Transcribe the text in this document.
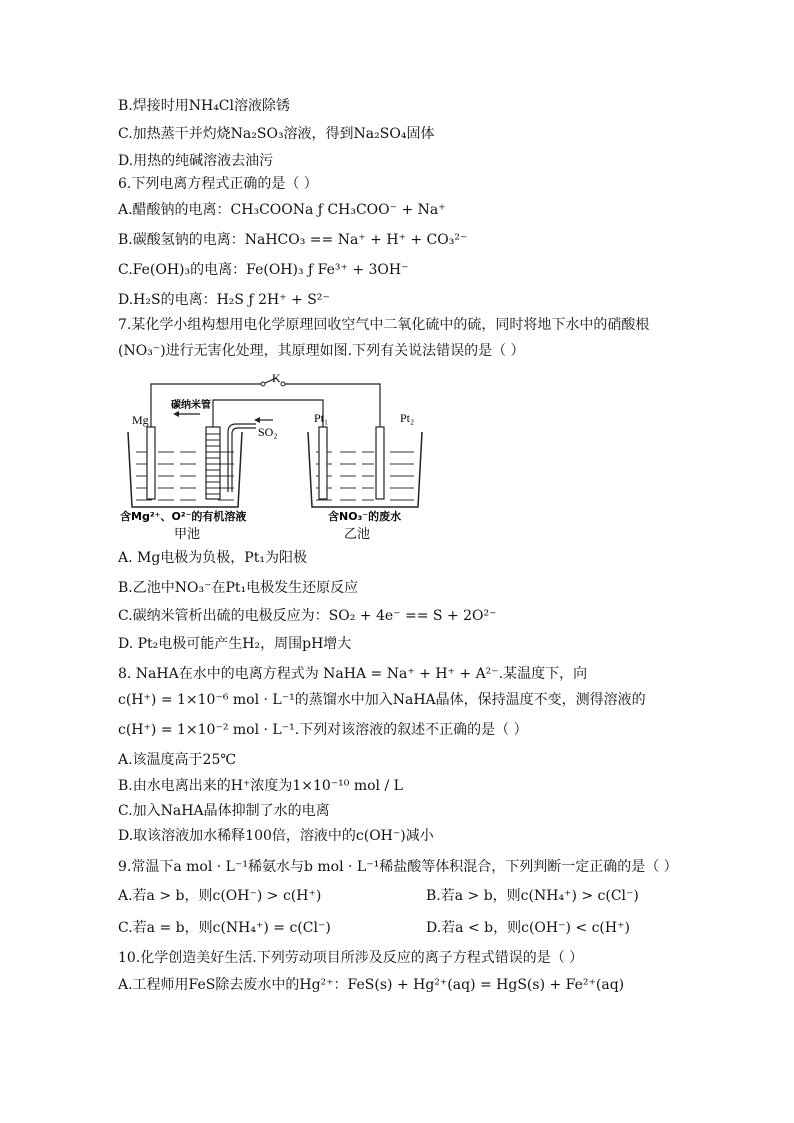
B.焊接时用NH₄Cl溶液除锈
C.加热蒸干并灼烧Na₂SO₃溶液，得到Na₂SO₄固体
D.用热的纯碱溶液去油污
6.下列电离方程式正确的是（ ）
A.醋酸钠的电离：CH₃COONa ƒ CH₃COO⁻ + Na⁺
B.碳酸氢钠的电离：NaHCO₃ == Na⁺ + H⁺ + CO₃²⁻
C.Fe(OH)₃的电离：Fe(OH)₃ ƒ Fe³⁺ + 3OH⁻
D.H₂S的电离：H₂S ƒ 2H⁺ + S²⁻
7.某化学小组构想用电化学原理回收空气中二氧化硫中的硫，同时将地下水中的硝酸根
(NO₃⁻)进行无害化处理，其原理如图.下列有关说法错误的是（ ）
K
Mg
碳纳米管
SO₂
Pt₁	Pt₂
含Mg²⁺、O²⁻的有机溶液	含NO₃⁻的废水
甲池	乙池
A. Mg电极为负极，Pt₁为阳极
B.乙池中NO₃⁻在Pt₁电极发生还原反应
C.碳纳米管析出硫的电极反应为：SO₂ + 4e⁻ == S + 2O²⁻
D. Pt₂电极可能产生H₂，周围pH增大
8. NaHA在水中的电离方程式为 NaHA = Na⁺ + H⁺ + A²⁻.某温度下，向
c(H⁺) = 1×10⁻⁶ mol · L⁻¹的蒸馏水中加入NaHA晶体，保持温度不变，测得溶液的
c(H⁺) = 1×10⁻² mol · L⁻¹.下列对该溶液的叙述不正确的是（ ）
A.该温度高于25℃
B.由水电离出来的H⁺浓度为1×10⁻¹⁰ mol / L
C.加入NaHA晶体抑制了水的电离
D.取该溶液加水稀释100倍，溶液中的c(OH⁻)减小
9.常温下a mol · L⁻¹稀氨水与b mol · L⁻¹稀盐酸等体积混合，下列判断一定正确的是（ ）
A.若a > b，则c(OH⁻) > c(H⁺)	B.若a > b，则c(NH₄⁺) > c(Cl⁻)
C.若a = b，则c(NH₄⁺) = c(Cl⁻)	D.若a < b，则c(OH⁻) < c(H⁺)
10.化学创造美好生活.下列劳动项目所涉及反应的离子方程式错误的是（ ）
A.工程师用FeS除去废水中的Hg²⁺：FeS(s) + Hg²⁺(aq) = HgS(s) + Fe²⁺(aq)
